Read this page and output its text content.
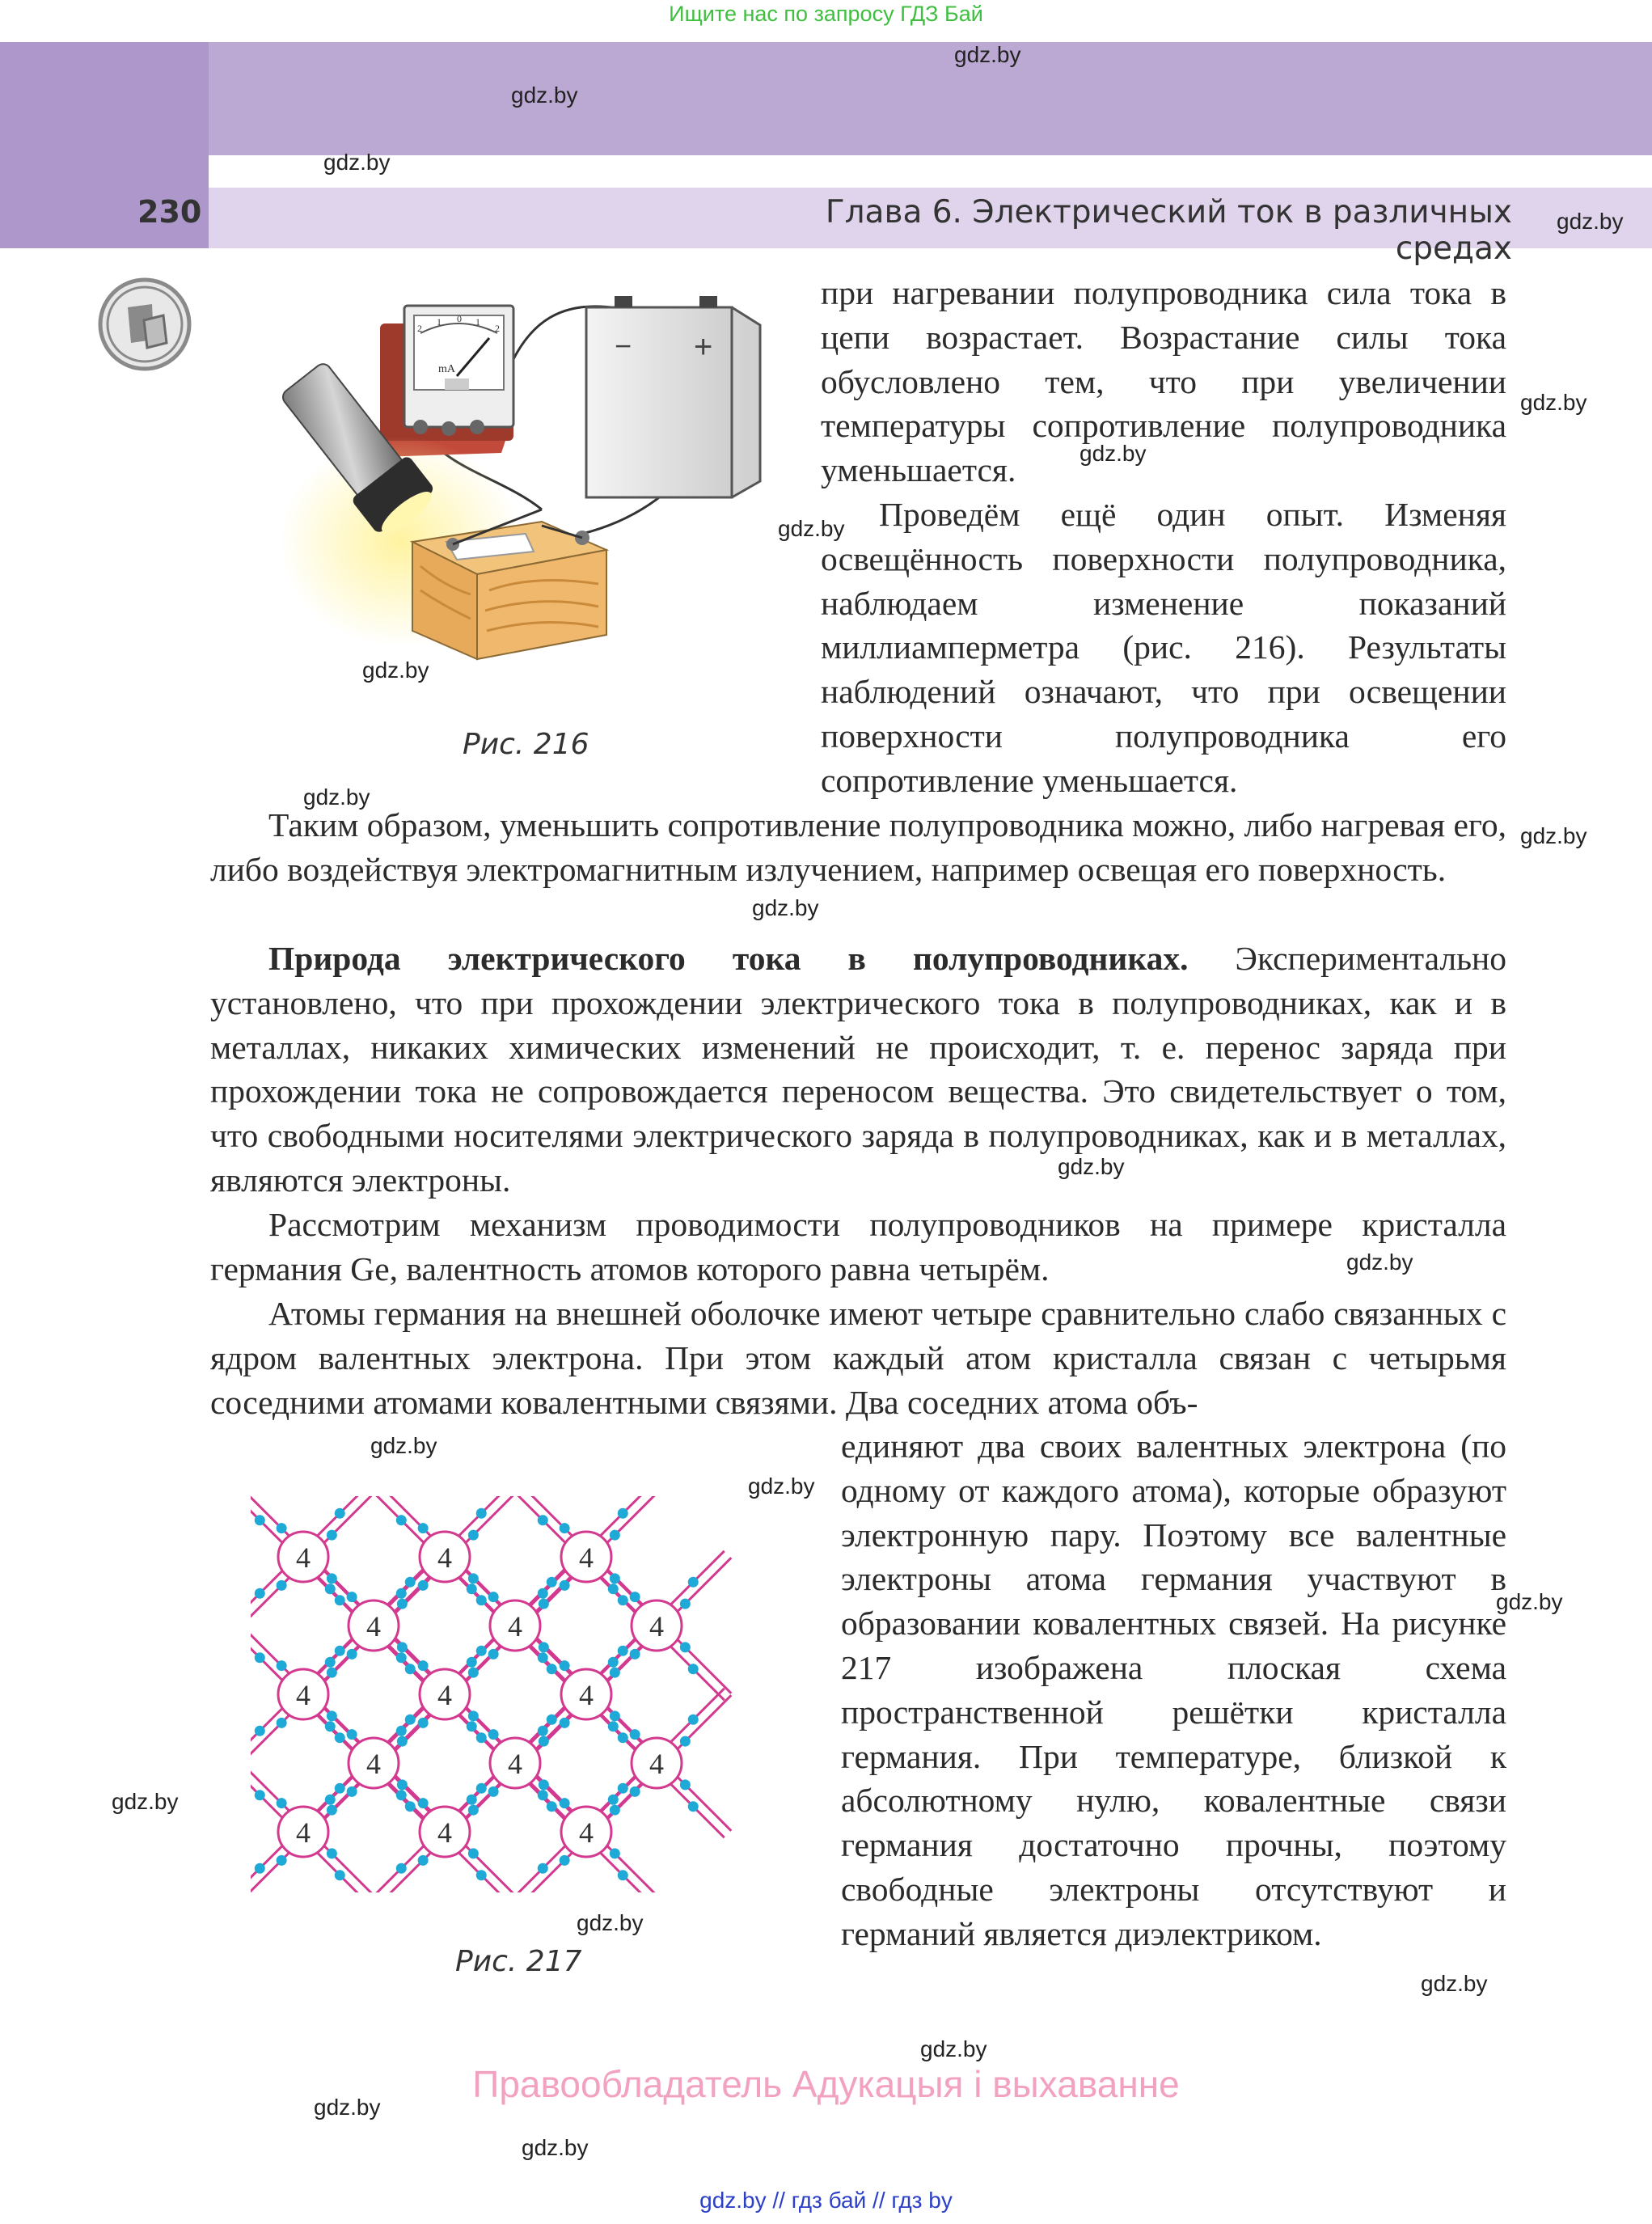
Ищите нас по запросу ГДЗ Бай
230	Глава 6. Электрический ток в различных средах
gdz.by
gdz.by
gdz.by
gdz.by
gdz.by
gdz.by
gdz.by
gdz.by
gdz.by
gdz.by
gdz.by
gdz.by
gdz.by
gdz.by
gdz.by
gdz.by
gdz.by
gdz.by
gdz.by
gdz.by
gdz.by
gdz.by
− +
2
1 0 1
2
mA
Рис. 216
при нагревании полупроводника сила тока в цепи возрастает. Возрастание силы тока обусловлено тем, что при увеличении температуры сопротивление полупроводника уменьшается.
Проведём ещё один опыт. Изменяя освещённость поверхности полупроводника, наблюдаем изменение показаний миллиамперметра (рис. 216). Результаты наблюдений означают, что при освещении поверхности полупроводника его сопротивление уменьшается.
Таким образом, уменьшить сопротивление полупроводника можно, либо нагревая его, либо воздействуя электромагнитным излучением, например освещая его поверхность.
Природа электрического тока в полупроводниках. Экспериментально установлено, что при прохождении электрического тока в полупроводниках, как и в металлах, никаких химических изменений не происходит, т. е. перенос заряда при прохождении тока не сопровождается переносом вещества. Это свидетельствует о том, что свободными носителями электрического заряда в полупроводниках, как и в металлах, являются электроны.
Рассмотрим механизм проводимости полупроводников на примере кристалла германия Ge, валентность атомов которого равна четырём.
Атомы германия на внешней оболочке имеют четыре сравнительно слабо связанных с ядром валентных электрона. При этом каждый атом кристалла связан с четырьмя соседними атомами ковалентными связями. Два соседних атома объ-
единяют два своих валентных электрона (по одному от каждого атома), которые образуют электронную пару. Поэтому все валентные электроны атома германия участвуют в образовании ковалентных связей. На рисунке 217 изображена плоская схема пространственной решётки кристалла германия. При температуре, близкой к абсолютному нулю, ковалентные связи германия достаточно прочны, поэтому свободные электроны отсутствуют и германий является диэлектриком.
4	4	4
4	4	4
4	4	4
4	4	4
4	4	4
Рис. 217
Правообладатель Адукацыя і выхаванне
gdz.by // гдз бай // гдз by
